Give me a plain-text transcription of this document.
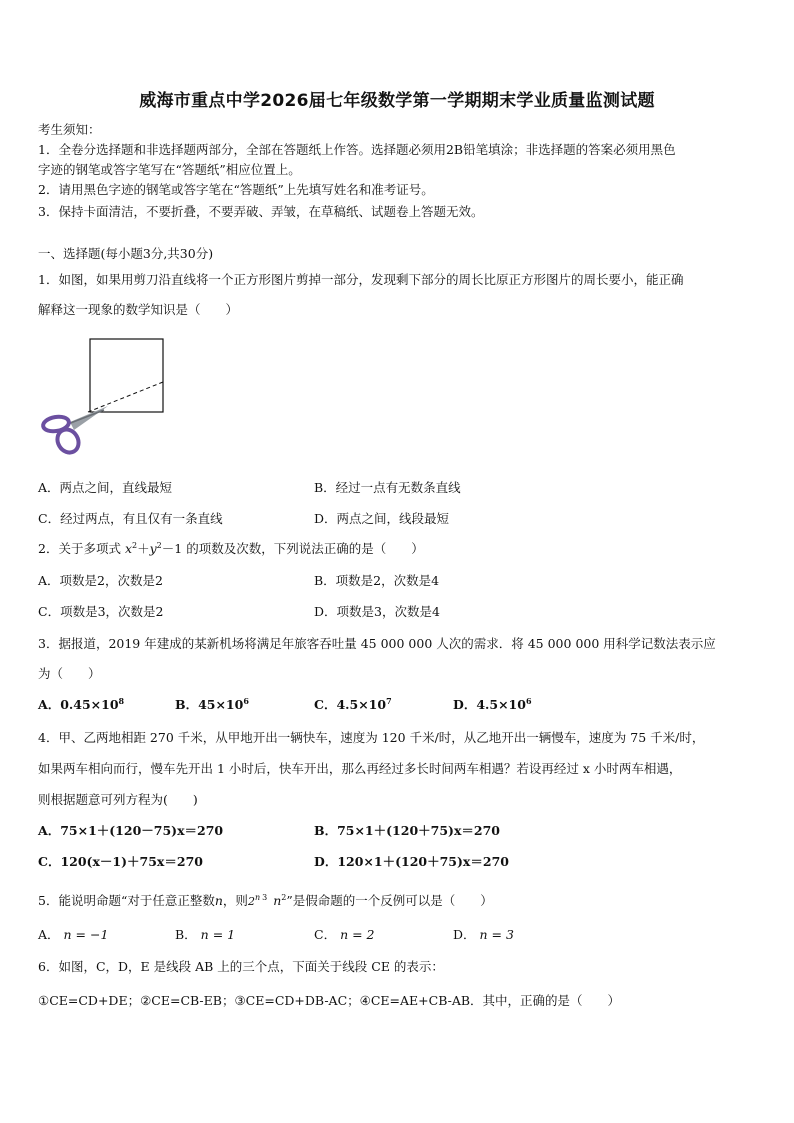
威海市重点中学2026届七年级数学第一学期期末学业质量监测试题
考生须知：
1．全卷分选择题和非选择题两部分，全部在答题纸上作答。选择题必须用2B铅笔填涂；非选择题的答案必须用黑色
字迹的钢笔或答字笔写在“答题纸”相应位置上。
2．请用黑色字迹的钢笔或答字笔在“答题纸”上先填写姓名和准考证号。
3．保持卡面清洁，不要折叠，不要弄破、弄皱，在草稿纸、试题卷上答题无效。
一、选择题(每小题3分,共30分)
1．如图，如果用剪刀沿直线将一个正方形图片剪掉一部分，发现剩下部分的周长比原正方形图片的周长要小，能正确
解释这一现象的数学知识是（　　）
A．两点之间，直线最短	B．经过一点有无数条直线
C．经过两点，有且仅有一条直线	D．两点之间，线段最短
2．关于多项式 $x^2+y^2-1$ 的项数及次数，下列说法正确的是（　　）
A．项数是2，次数是2	B．项数是2，次数是4
C．项数是3，次数是2	D．项数是3，次数是4
3．据报道，2019 年建成的某新机场将满足年旅客吞吐量 45 000 000 人次的需求．将 45 000 000 用科学记数法表示应
为（　　）
A．$0.45\times 10^8$	B．$45\times 10^6$	C．$4.5\times 10^7$	D．$4.5\times 10^6$
4．甲、乙两地相距 270 千米，从甲地开出一辆快车，速度为 120 千米/时，从乙地开出一辆慢车，速度为 75 千米/时，
如果两车相向而行，慢车先开出 1 小时后，快车开出，那么再经过多长时间两车相遇？若设再经过 x 小时两车相遇，
则根据题意可列方程为(　　)
A．75×1＋(120－75)x＝270	B．75×1＋(120＋75)x＝270
C．120(x－1)＋75x＝270	D．120×1＋(120＋75)x＝270
5．能说明命题“对于任意正整数n，则2$^n$ $^3$ $n^2$”是假命题的一个反例可以是（　　）
A． n = −1	B． n = 1	C． n = 2	D． n = 3
6．如图，C，D，E 是线段 AB 上的三个点，下面关于线段 CE 的表示：
①CE=CD+DE；②CE=CB-EB；③CE=CD+DB-AC；④CE=AE+CB-AB．其中，正确的是（　　）
